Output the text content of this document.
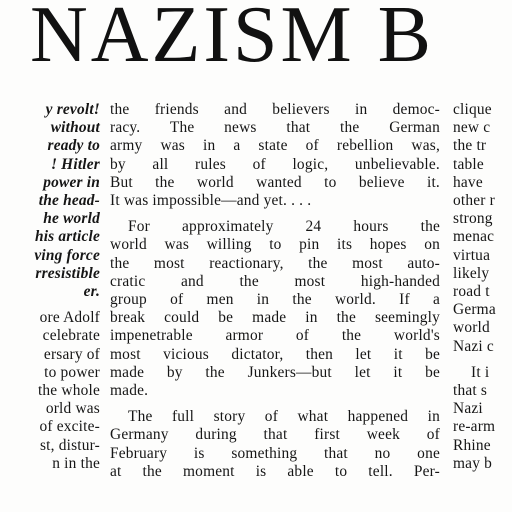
NAZISM B
y revolt!
without
ready to
! Hitler
power in
the head-
he world
his article
ving force
rresistible
er.
ore Adolf
celebrate
ersary of
to power
the whole
orld was
of excite-
st, distur-
n in the
the friends and believers in democ-
racy. The news that the German
army was in a state of rebellion was,
by all rules of logic, unbelievable.
But the world wanted to believe it.
It was impossible—and yet. . . .
For approximately 24 hours the
world was willing to pin its hopes on
the most reactionary, the most auto-
cratic and the most high-handed
group of men in the world. If a
break could be made in the seemingly
impenetrable armor of the world's
most vicious dictator, then let it be
made by the Junkers—but let it be
made.
The full story of what happened in
Germany during that first week of
February is something that no one
at the moment is able to tell. Per-
clique
new c
the tr
table
have
other r
strong
menac
virtua
likely
road t
Germa
world
Nazi c
It i
that s
Nazi
re-arm
Rhine
may b
